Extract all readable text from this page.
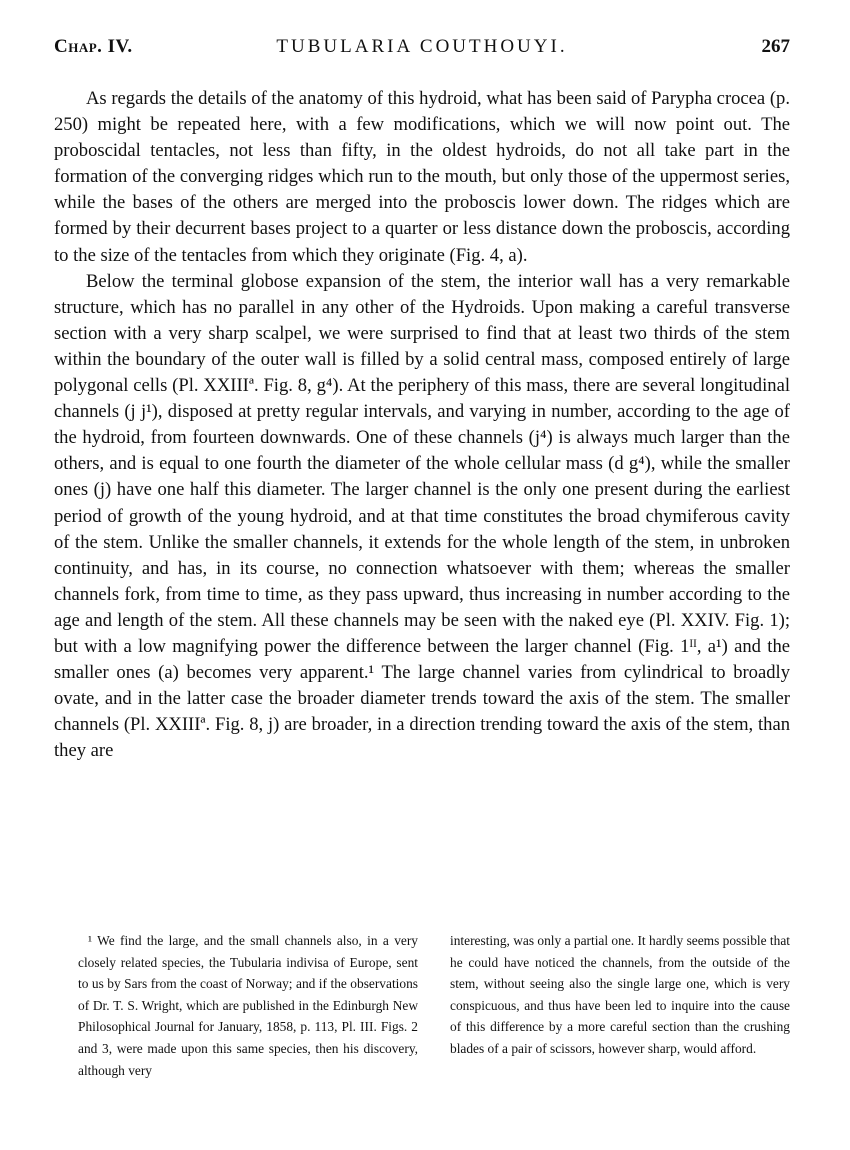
Chap. IV.	TUBULARIA COUTHOUYI.	267

As regards the details of the anatomy of this hydroid, what has been said of Parypha crocea (p. 250) might be repeated here, with a few modifications, which we will now point out. The proboscidal tentacles, not less than fifty, in the oldest hydroids, do not all take part in the formation of the converging ridges which run to the mouth, but only those of the uppermost series, while the bases of the others are merged into the proboscis lower down. The ridges which are formed by their decurrent bases project to a quarter or less distance down the proboscis, according to the size of the tentacles from which they originate (Fig. 4, a).

Below the terminal globose expansion of the stem, the interior wall has a very remarkable structure, which has no parallel in any other of the Hydroids. Upon making a careful transverse section with a very sharp scalpel, we were surprised to find that at least two thirds of the stem within the boundary of the outer wall is filled by a solid central mass, composed entirely of large polygonal cells (Pl. XXIIIª. Fig. 8, g⁴). At the periphery of this mass, there are several longitudinal channels (j j¹), disposed at pretty regular intervals, and varying in number, according to the age of the hydroid, from fourteen downwards. One of these channels (j⁴) is always much larger than the others, and is equal to one fourth the diameter of the whole cellular mass (d g⁴), while the smaller ones (j) have one half this diameter. The larger channel is the only one present during the earliest period of growth of the young hydroid, and at that time constitutes the broad chymiferous cavity of the stem. Unlike the smaller channels, it extends for the whole length of the stem, in unbroken continuity, and has, in its course, no connection whatsoever with them; whereas the smaller channels fork, from time to time, as they pass upward, thus increasing in number according to the age and length of the stem. All these channels may be seen with the naked eye (Pl. XXIV. Fig. 1); but with a low magnifying power the difference between the larger channel (Fig. 1ᴵᴵ, a¹) and the smaller ones (a) becomes very apparent.¹ The large channel varies from cylindrical to broadly ovate, and in the latter case the broader diameter trends toward the axis of the stem. The smaller channels (Pl. XXIIIª. Fig. 8, j) are broader, in a direction trending toward the axis of the stem, than they are

¹ We find the large, and the small channels also, in a very closely related species, the Tubularia indivisa of Europe, sent to us by Sars from the coast of Norway; and if the observations of Dr. T. S. Wright, which are published in the Edinburgh New Philosophical Journal for January, 1858, p. 113, Pl. III. Figs. 2 and 3, were made upon this same species, then his discovery, although very

interesting, was only a partial one. It hardly seems possible that he could have noticed the channels, from the outside of the stem, without seeing also the single large one, which is very conspicuous, and thus have been led to inquire into the cause of this difference by a more careful section than the crushing blades of a pair of scissors, however sharp, would afford.
